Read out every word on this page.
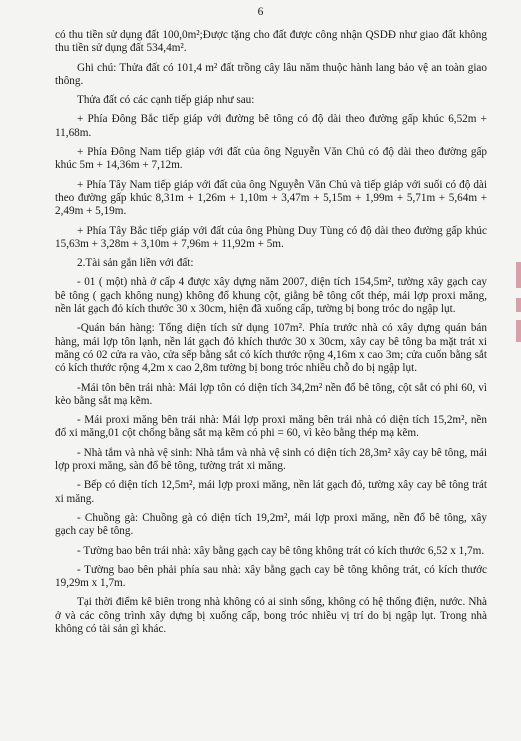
6

có thu tiền sử dụng đất 100,0m²;Được tặng cho đất được công nhận QSDĐ như giao đất không thu tiền sử dụng đất 534,4m².

Ghi chú: Thửa đất có 101,4 m² đất trồng cây lâu năm thuộc hành lang bảo vệ an toàn giao thông.

Thửa đất có các cạnh tiếp giáp như sau:

+ Phía Đông Bắc tiếp giáp với đường bê tông có độ dài theo đường gấp khúc 6,52m + 11,68m.

+ Phía Đông Nam tiếp giáp với đất của ông Nguyễn Văn Chủ có độ dài theo đường gấp khúc 5m + 14,36m + 7,12m.

+ Phía Tây Nam tiếp giáp với đất của ông Nguyễn Văn Chủ và tiếp giáp với suối có độ dài theo đường gấp khúc 8,31m + 1,26m + 1,10m + 3,47m + 5,15m + 1,99m + 5,71m + 5,64m + 2,49m + 5,19m.

+ Phía Tây Bắc tiếp giáp với đất của ông Phùng Duy Tùng có độ dài theo đường gấp khúc 15,63m + 3,28m + 3,10m + 7,96m + 11,92m + 5m.

2.Tài sản gắn liền với đất:

- 01 ( một) nhà ở cấp 4 được xây dựng năm 2007, diện tích 154,5m², tường xây gạch cay bê tông ( gạch không nung) không đổ khung cột, giằng bê tông cốt thép, mái lợp proxi măng, nền lát gạch đỏ kích thước 30 x 30cm, hiện đã xuống cấp, tường bị bong tróc do ngập lụt.

-Quán bán hàng: Tổng diện tích sử dụng 107m². Phía trước nhà có xây dựng quán bán hàng, mái lợp tôn lạnh, nền lát gạch đỏ khích thước 30 x 30cm, xây cay bê tông ba mặt trát xi măng có 02 cửa ra vào, cửa sếp bằng sắt có kích thước rộng 4,16m x cao 3m; cửa cuốn bằng sắt có kích thước rộng 4,2m x cao 2,8m tường bị bong tróc nhiều chỗ do bị ngập lụt.

-Mái tôn bên trái nhà: Mái lợp tôn có diện tích 34,2m² nền đổ bê tông, cột sắt có phi 60, vì kèo bằng sắt mạ kẽm.

- Mái proxi măng bên trái nhà: Mái lợp proxi măng bên trái nhà có diện tích 15,2m², nền đổ xi măng,01 cột chống bằng sắt mạ kẽm có phi = 60, vì kèo bằng thép mạ kẽm.

- Nhà tắm và nhà vệ sinh: Nhà tắm và nhà vệ sinh có diện tích 28,3m² xây cay bê tông, mái lợp proxi măng, sàn đổ bê tông, tường trát xi măng.

- Bếp có diện tích 12,5m², mái lợp proxi măng, nền lát gạch đỏ, tường xây cay bê tông trát xi măng.

- Chuồng gà: Chuồng gà có diện tích 19,2m², mái lợp proxi măng, nền đổ bê tông, xây gạch cay bê tông.

- Tường bao bên trái nhà: xây bằng gạch cay bê tông không trát có kích thước 6,52 x 1,7m.

- Tường bao bên phải phía sau nhà: xây bằng gạch cay bê tông không trát, có kích thước 19,29m x 1,7m.

Tại thời điểm kê biên trong nhà không có ai sinh sống, không có hệ thống điện, nước. Nhà ở và các công trình xây dựng bị xuống cấp, bong tróc nhiều vị trí do bị ngập lụt. Trong nhà không có tài sản gì khác.
